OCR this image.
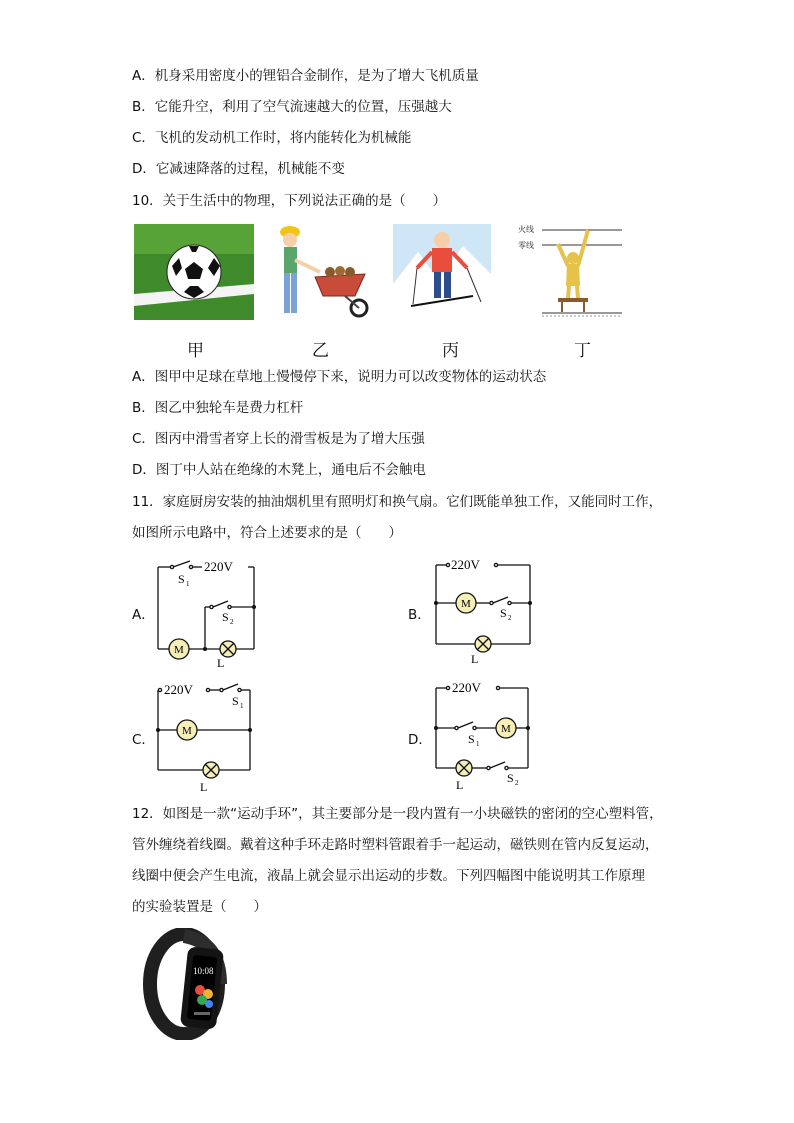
A．机身采用密度小的锂铝合金制作，是为了增大飞机质量
B．它能升空，利用了空气流速越大的位置，压强越大
C．飞机的发动机工作时，将内能转化为机械能
D．它减速降落的过程，机械能不变
10．关于生活中的物理，下列说法正确的是（　　）
火线
零线
甲	乙	丙	丁
A．图甲中足球在草地上慢慢停下来，说明力可以改变物体的运动状态
B．图乙中独轮车是费力杠杆
C．图丙中滑雪者穿上长的滑雪板是为了增大压强
D．图丁中人站在绝缘的木凳上，通电后不会触电
11．家庭厨房安装的抽油烟机里有照明灯和换气扇。它们既能单独工作，又能同时工作，
如图所示电路中，符合上述要求的是（　　）
A．	B．
C．	D．
220V
S 1
S 2
M
L
220V
M
S 2
L
220V
S 1
M
L
220V
S 1
M
L	S 2
12．如图是一款“运动手环”，其主要部分是一段内置有一小块磁铁的密闭的空心塑料管，
管外缠绕着线圈。戴着这种手环走路时塑料管跟着手一起运动，磁铁则在管内反复运动，
线圈中便会产生电流，液晶上就会显示出运动的步数。下列四幅图中能说明其工作原理
的实验装置是（　　）
10:08
